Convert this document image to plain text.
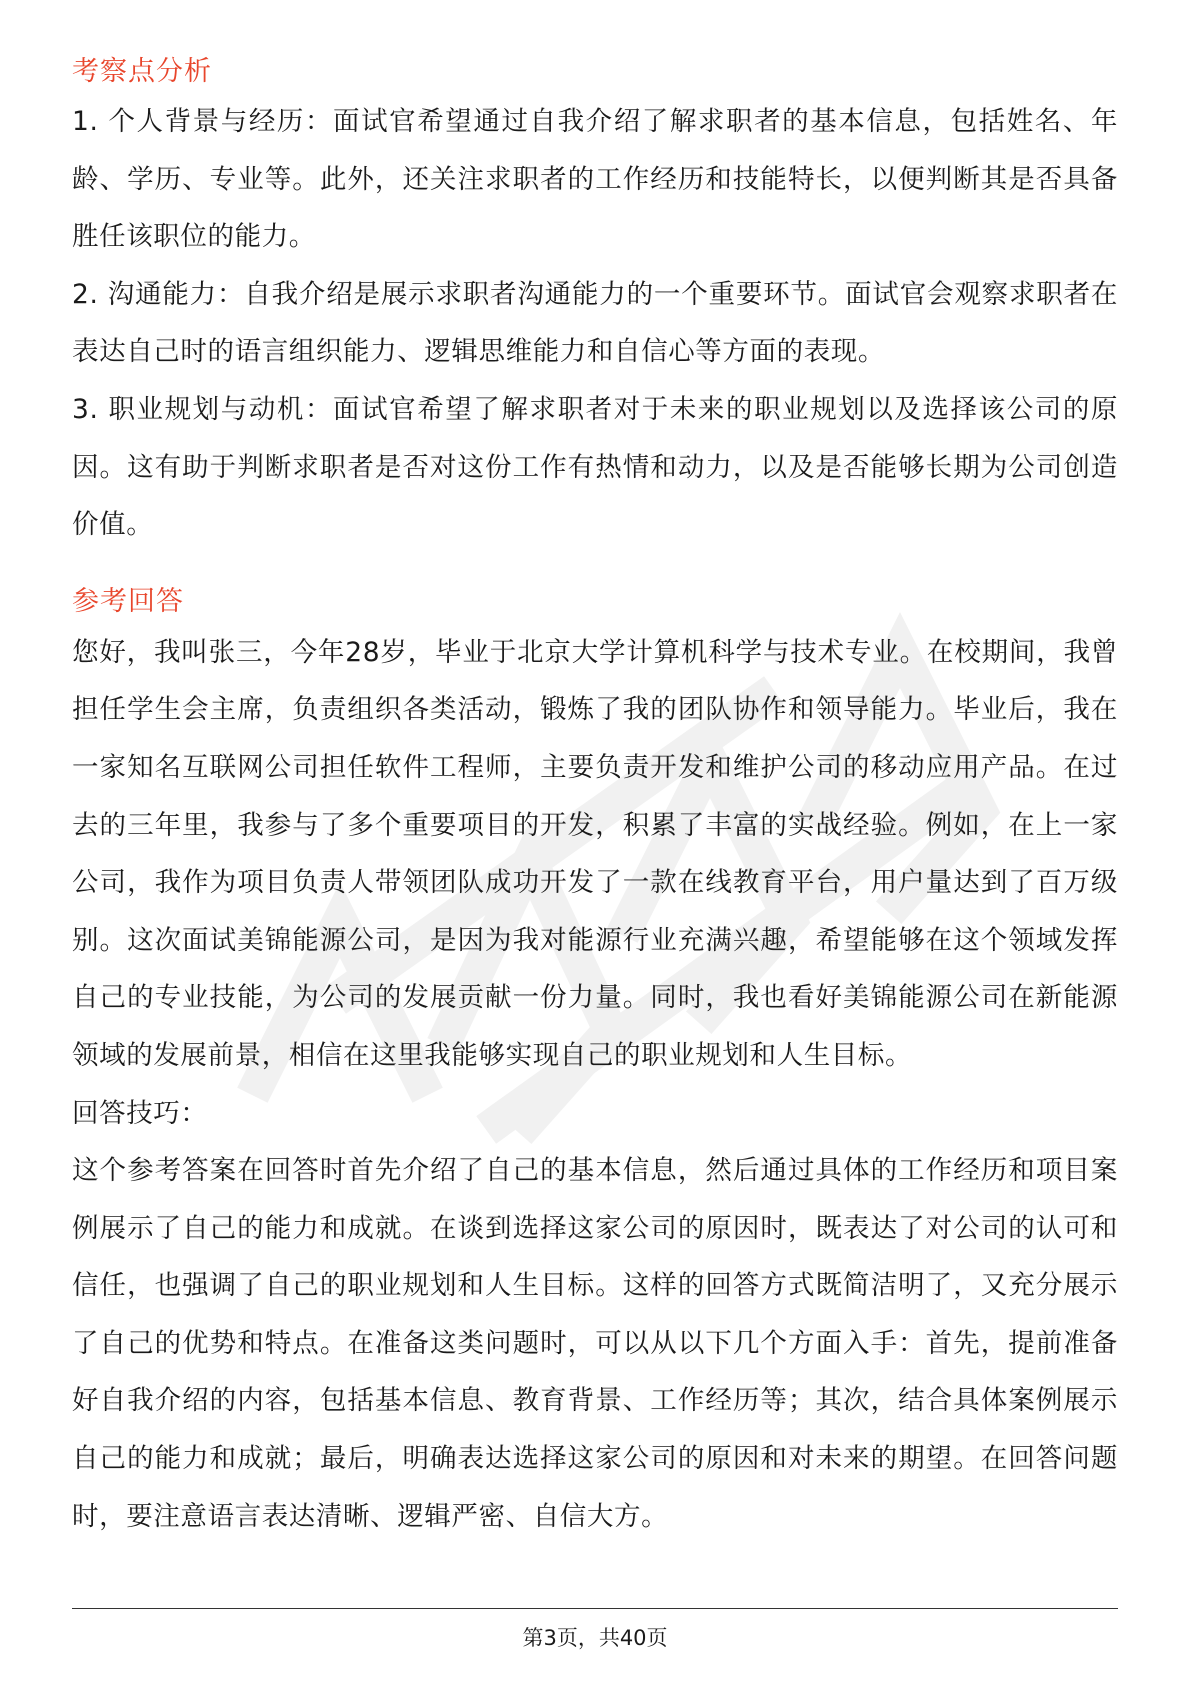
考察点分析

1. 个人背景与经历：面试官希望通过自我介绍了解求职者的基本信息，包括姓名、年龄、学历、专业等。此外，还关注求职者的工作经历和技能特长，以便判断其是否具备胜任该职位的能力。

2. 沟通能力：自我介绍是展示求职者沟通能力的一个重要环节。面试官会观察求职者在表达自己时的语言组织能力、逻辑思维能力和自信心等方面的表现。

3. 职业规划与动机：面试官希望了解求职者对于未来的职业规划以及选择该公司的原因。这有助于判断求职者是否对这份工作有热情和动力，以及是否能够长期为公司创造价值。

参考回答

您好，我叫张三，今年28岁，毕业于北京大学计算机科学与技术专业。在校期间，我曾担任学生会主席，负责组织各类活动，锻炼了我的团队协作和领导能力。毕业后，我在一家知名互联网公司担任软件工程师，主要负责开发和维护公司的移动应用产品。在过去的三年里，我参与了多个重要项目的开发，积累了丰富的实战经验。例如，在上一家公司，我作为项目负责人带领团队成功开发了一款在线教育平台，用户量达到了百万级别。这次面试美锦能源公司，是因为我对能源行业充满兴趣，希望能够在这个领域发挥自己的专业技能，为公司的发展贡献一份力量。同时，我也看好美锦能源公司在新能源领域的发展前景，相信在这里我能够实现自己的职业规划和人生目标。

回答技巧：

这个参考答案在回答时首先介绍了自己的基本信息，然后通过具体的工作经历和项目案例展示了自己的能力和成就。在谈到选择这家公司的原因时，既表达了对公司的认可和信任，也强调了自己的职业规划和人生目标。这样的回答方式既简洁明了，又充分展示了自己的优势和特点。在准备这类问题时，可以从以下几个方面入手：首先，提前准备好自我介绍的内容，包括基本信息、教育背景、工作经历等；其次，结合具体案例展示自己的能力和成就；最后，明确表达选择这家公司的原因和对未来的期望。在回答问题时，要注意语言表达清晰、逻辑严密、自信大方。

第3页，共40页
